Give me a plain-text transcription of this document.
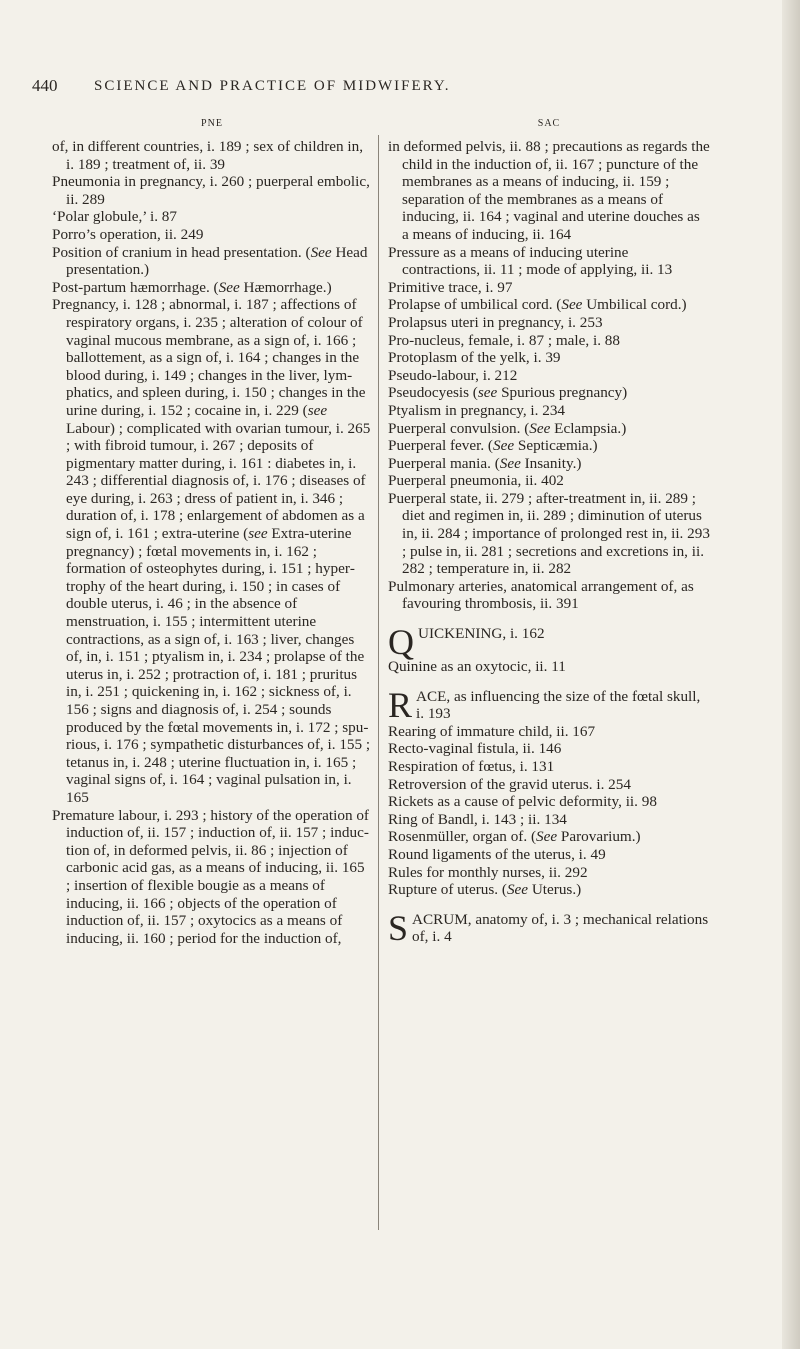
440 SCIENCE AND PRACTICE OF MIDWIFERY.
PNE

of, in different countries, i. 189 ; sex of children in, i. 189 ; treatment of, ii. 39

Pneumonia in pregnancy, i. 260 ; puerperal embolic, ii. 289

‘Polar globule,’ i. 87

Porro’s operation, ii. 249

Position of cranium in head presentation. (See Head presentation.)

Post-partum hæmorrhage. (See Hæmorrhage.)

Pregnancy, i. 128 ; abnormal, i. 187 ; affections of respiratory organs, i. 235 ; alteration of colour of vaginal mucous membrane, as a sign of, i. 166 ; ballottement, as a sign of, i. 164 ; changes in the blood during, i. 149 ; changes in the liver, lymphatics, and spleen during, i. 150 ; changes in the urine during, i. 152 ; cocaine in, i. 229 (see Labour) ; complicated with ovarian tumour, i. 265 ; with fibroid tumour, i. 267 ; deposits of pigmentary matter during, i. 161 : diabetes in, i. 243 ; differential diagnosis of, i. 176 ; diseases of eye during, i. 263 ; dress of patient in, i. 346 ; duration of, i. 178 ; enlargement of abdomen as a sign of, i. 161 ; extra-uterine (see Extra-uterine pregnancy) ; fœtal movements in, i. 162 ; formation of osteophytes during, i. 151 ; hypertrophy of the heart during, i. 150 ; in cases of double uterus, i. 46 ; in the absence of menstruation, i. 155 ; intermittent uterine contractions, as a sign of, i. 163 ; liver, changes of, in, i. 151 ; ptyalism in, i. 234 ; prolapse of the uterus in, i. 252 ; protraction of, i. 181 ; pruritus in, i. 251 ; quickening in, i. 162 ; sickness of, i. 156 ; signs and diagnosis of, i. 254 ; sounds produced by the fœtal movements in, i. 172 ; spurious, i. 176 ; sympathetic disturbances of, i. 155 ; tetanus in, i. 248 ; uterine fluctuation in, i. 165 ; vaginal signs of, i. 164 ; vaginal pulsation in, i. 165

Premature labour, i. 293 ; history of the operation of induction of, ii. 157 ; induction of, ii. 157 ; induction of, in deformed pelvis, ii. 86 ; injection of carbonic acid gas, as a means of inducing, ii. 165 ; insertion of flexible bougie as a means of inducing, ii. 166 ; objects of the operation of induction of, ii. 157 ; oxytocics as a means of inducing, ii. 160 ; period for the induction of,

SAC

in deformed pelvis, ii. 88 ; precautions as regards the child in the induction of, ii. 167 ; puncture of the membranes as a means of inducing, ii. 159 ; separation of the membranes as a means of inducing, ii. 164 ; vaginal and uterine douches as a means of inducing, ii. 164

Pressure as a means of inducing uterine contractions, ii. 11 ; mode of applying, ii. 13

Primitive trace, i. 97

Prolapse of umbilical cord. (See Umbilical cord.)

Prolapsus uteri in pregnancy, i. 253

Pro-nucleus, female, i. 87 ; male, i. 88

Protoplasm of the yelk, i. 39

Pseudo-labour, i. 212

Pseudocyesis (see Spurious pregnancy)

Ptyalism in pregnancy, i. 234

Puerperal convulsion. (See Eclampsia.)

Puerperal fever. (See Septicæmia.)

Puerperal mania. (See Insanity.)

Puerperal pneumonia, ii. 402

Puerperal state, ii. 279 ; after-treatment in, ii. 289 ; diet and regimen in, ii. 289 ; diminution of uterus in, ii. 284 ; importance of prolonged rest in, ii. 293 ; pulse in, ii. 281 ; secretions and excretions in, ii. 282 ; temperature in, ii. 282

Pulmonary arteries, anatomical arrangement of, as favouring thrombosis, ii. 391

QUICKENING, i. 162

Quinine as an oxytocic, ii. 11

RACE, as influencing the size of the fœtal skull, i. 193

Rearing of immature child, ii. 167

Recto-vaginal fistula, ii. 146

Respiration of fœtus, i. 131

Retroversion of the gravid uterus. i. 254

Rickets as a cause of pelvic deformity, ii. 98

Ring of Bandl, i. 143 ; ii. 134

Rosenmüller, organ of. (See Parovarium.)

Round ligaments of the uterus, i. 49

Rules for monthly nurses, ii. 292

Rupture of uterus. (See Uterus.)

SACRUM, anatomy of, i. 3 ; mechanical relations of, i. 4
